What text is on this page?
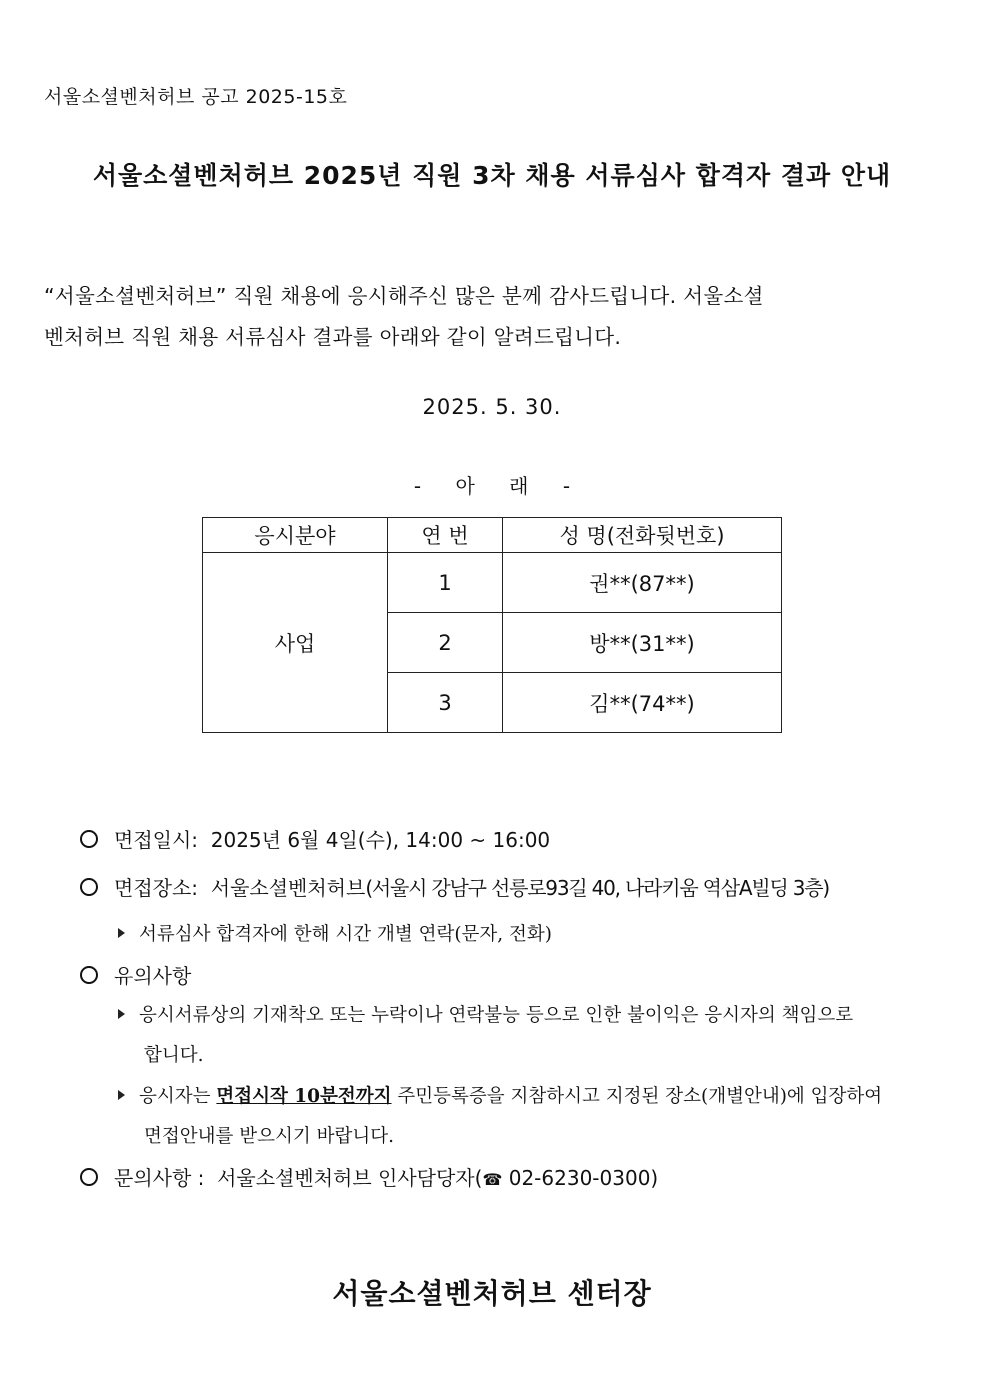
서울소셜벤처허브 공고 2025-15호
서울소셜벤처허브 2025년 직원 3차 채용 서류심사 합격자 결과 안내
“서울소셜벤처허브” 직원 채용에 응시해주신 많은 분께 감사드립니다. 서울소셜
벤처허브 직원 채용 서류심사 결과를 아래와 같이 알려드립니다.
2025. 5. 30.
- 아 래 -
응시분야	연 번	성 명(전화뒷번호)
사업	1	권**(87**)
	2	방**(31**)
	3	김**(74**)
면접일시: 2025년 6월 4일(수), 14:00 ~ 16:00
면접장소: 서울소셜벤처허브(서울시 강남구 선릉로93길 40, 나라키움 역삼A빌딩 3층)
서류심사 합격자에 한해 시간 개별 연락(문자, 전화)
유의사항
응시서류상의 기재착오 또는 누락이나 연락불능 등으로 인한 불이익은 응시자의 책임으로
합니다.
응시자는 면접시작 10분전까지 주민등록증을 지참하시고 지정된 장소(개별안내)에 입장하여
면접안내를 받으시기 바랍니다.
문의사항 : 서울소셜벤처허브 인사담당자(☎ 02-6230-0300)
서울소셜벤처허브 센터장
